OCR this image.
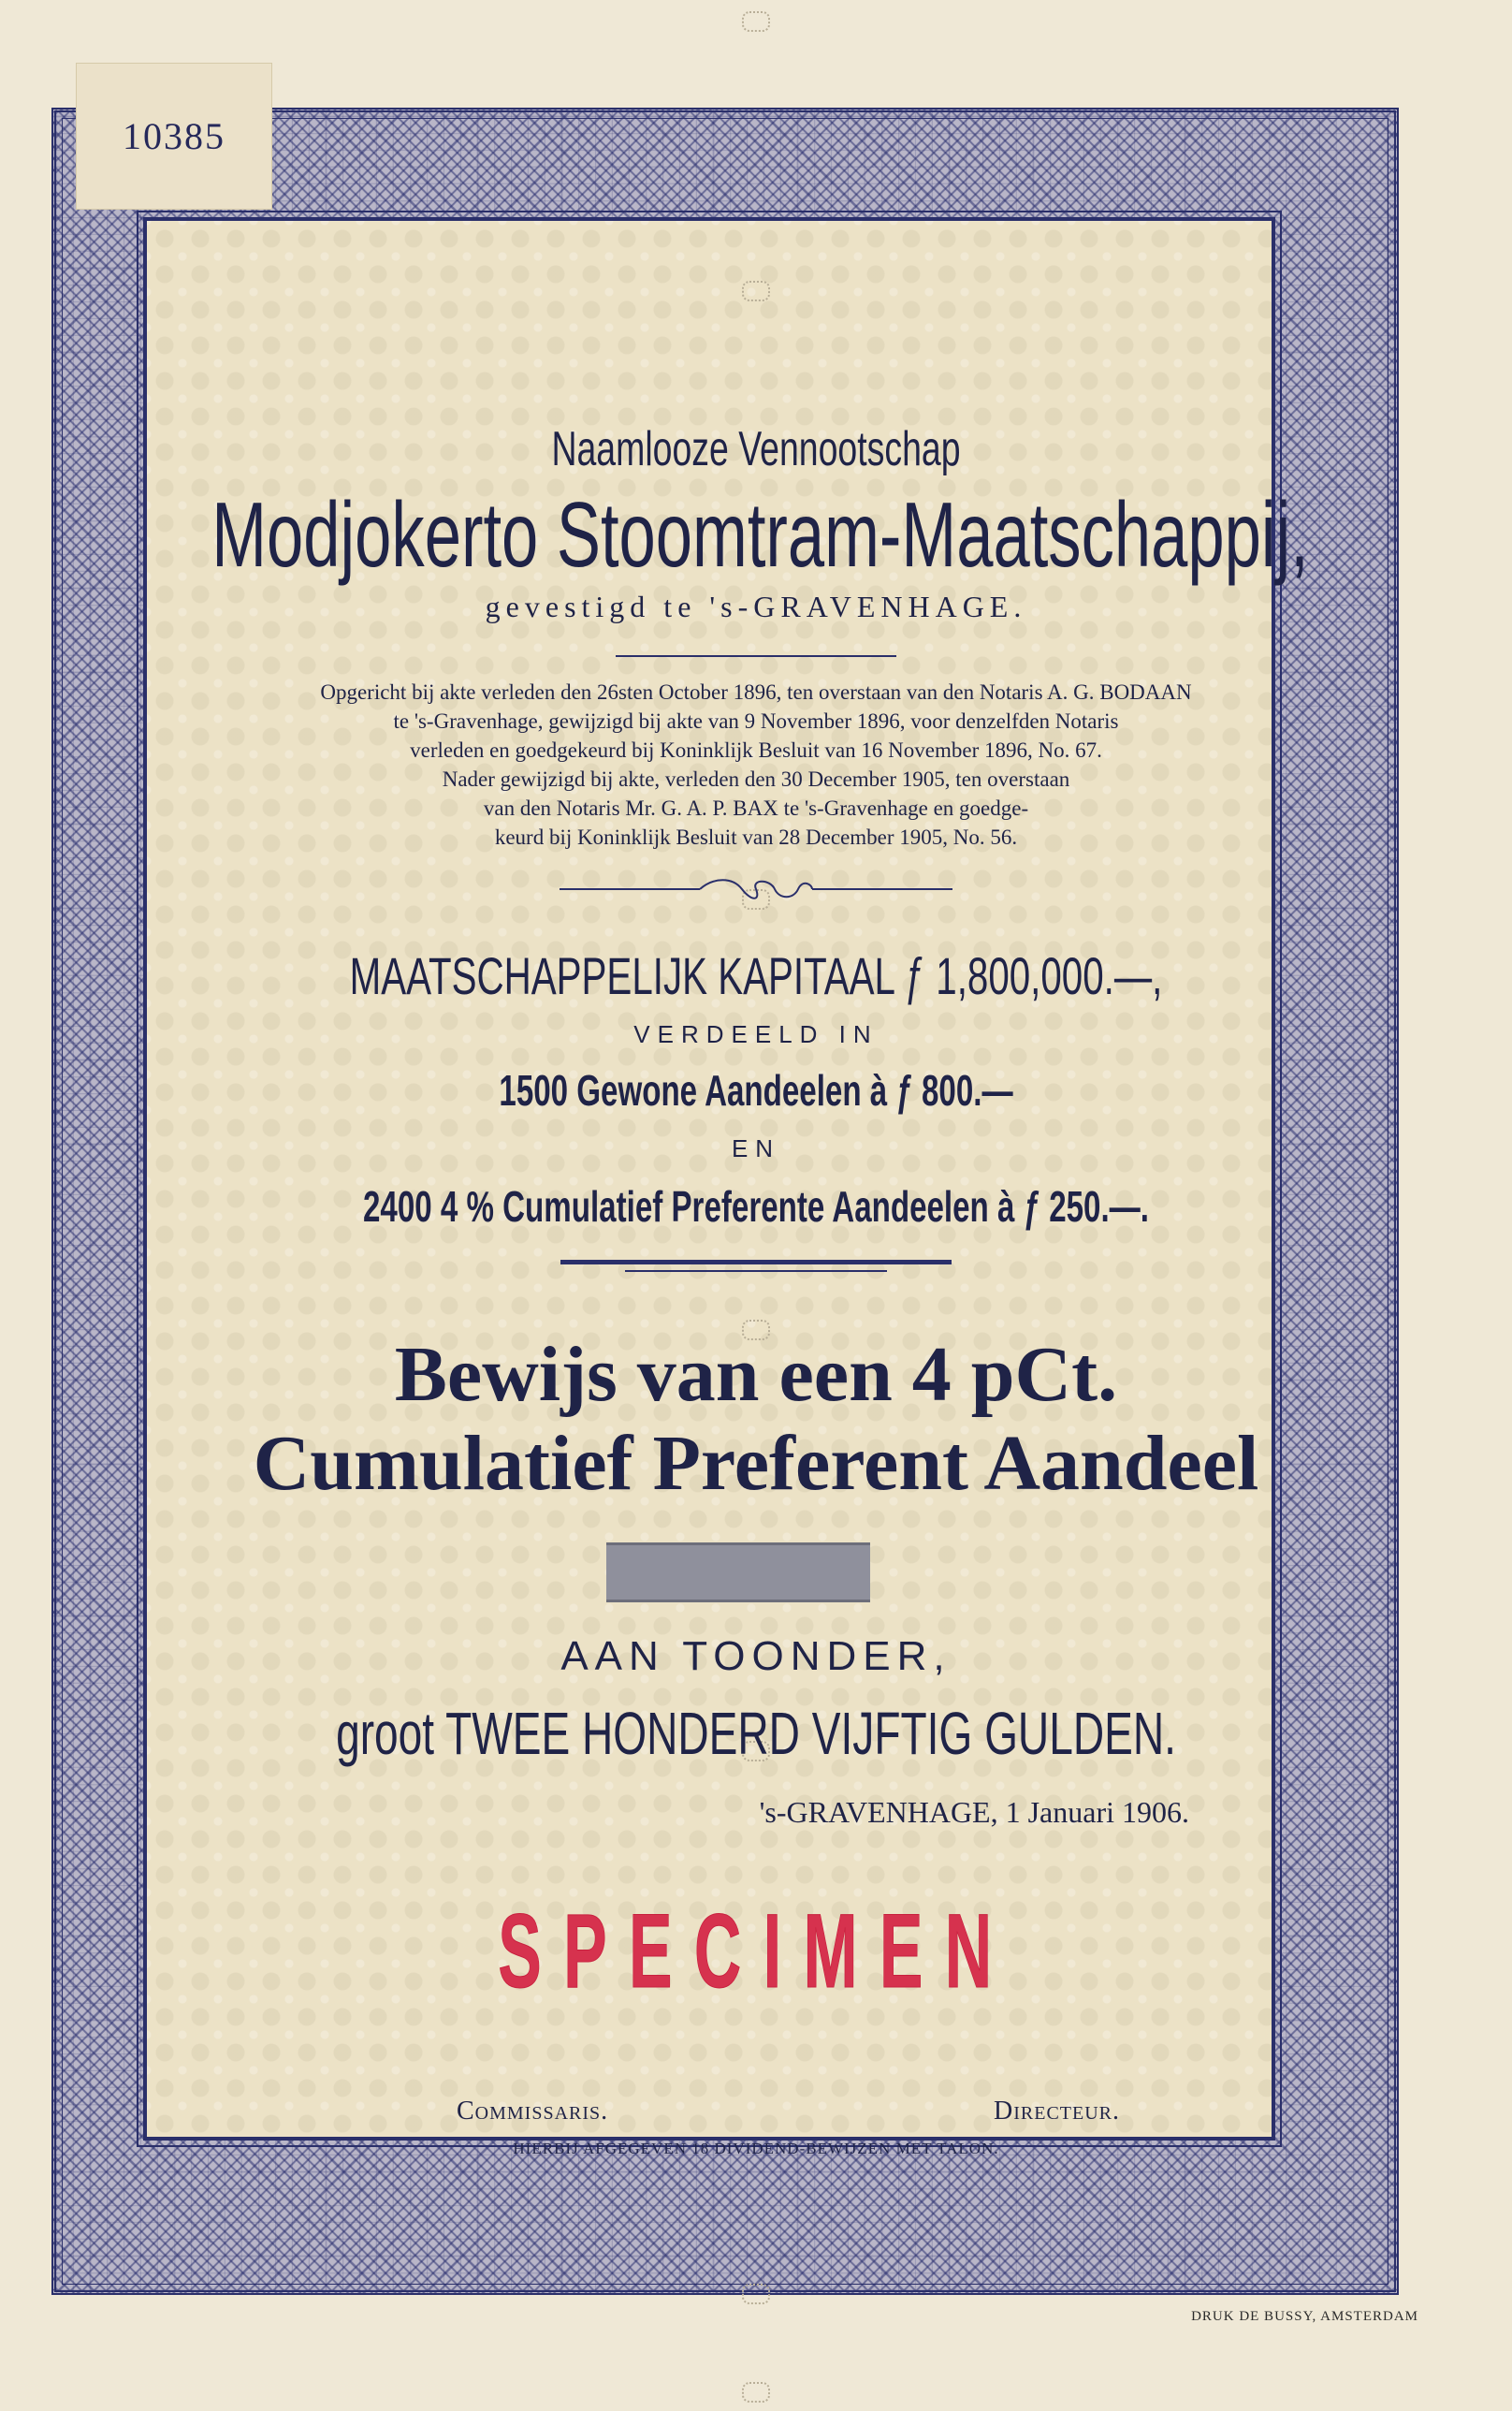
10385
Naamlooze Vennootschap
Modjokerto Stoomtram-Maatschappij,
gevestigd te 's-GRAVENHAGE.
Opgericht bij akte verleden den 26sten October 1896, ten overstaan van den Notaris A. G. BODAAN
te 's-Gravenhage, gewijzigd bij akte van 9 November 1896, voor denzelfden Notaris
verleden en goedgekeurd bij Koninklijk Besluit van 16 November 1896, No. 67.
Nader gewijzigd bij akte, verleden den 30 December 1905, ten overstaan
van den Notaris Mr. G. A. P. BAX te 's-Gravenhage en goedge-
keurd bij Koninklijk Besluit van 28 December 1905, No. 56.
MAATSCHAPPELIJK KAPITAAL ƒ 1,800,000.—,
VERDEELD IN
1500 Gewone Aandeelen à ƒ 800.—
EN
2400 4 % Cumulatief Preferente Aandeelen à ƒ 250.—.
Bewijs van een 4 pCt.
Cumulatief Preferent Aandeel
AAN TOONDER,
groot TWEE HONDERD VIJFTIG GULDEN.
's-GRAVENHAGE, 1 Januari 1906.
SPECIMEN
Commissaris.	Directeur.
HIERBIJ AFGEGEVEN 18 DIVIDEND-BEWIJZEN MET TALON.
DRUK DE BUSSY, AMSTERDAM
